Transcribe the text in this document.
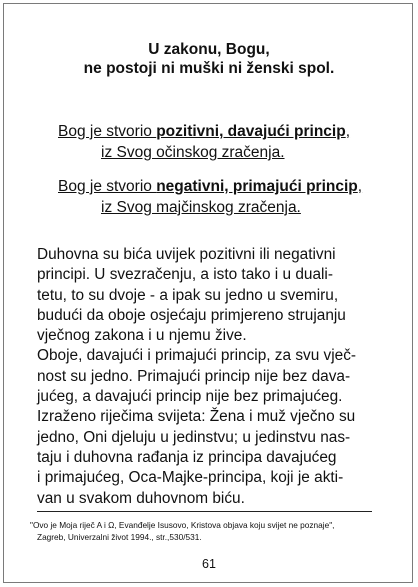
U zakonu, Bogu,
ne postoji ni muški ni ženski spol.
Bog je stvorio pozitivni, davajući princip,
iz Svog očinskog zračenja.
Bog je stvorio negativni, primajući princip,
iz Svog majčinskog zračenja.
Duhovna su bića uvijek pozitivni ili negativni
principi. U svezračenju, a isto tako i u duali-
tetu, to su dvoje - a ipak su jedno u svemiru,
budući da oboje osjećaju primjereno strujanju
vječnog zakona i u njemu žive.
Oboje, davajući i primajući princip, za svu vječ-
nost su jedno. Primajući princip nije bez dava-
jućeg, a davajući princip nije bez primajućeg.
Izraženo riječima svijeta: Žena i muž vječno su
jedno, Oni djeluju u jedinstvu; u jedinstvu nas-
taju i duhovna rađanja iz principa davajućeg
i primajućeg, Oca-Majke-principa, koji je akti-
van u svakom duhovnom biću.
"Ovo je Moja riječ A i Ω, Evanđelje Isusovo, Kristova objava koju svijet ne poznaje",
Zagreb, Univerzalni život 1994., str.,530/531.
61
